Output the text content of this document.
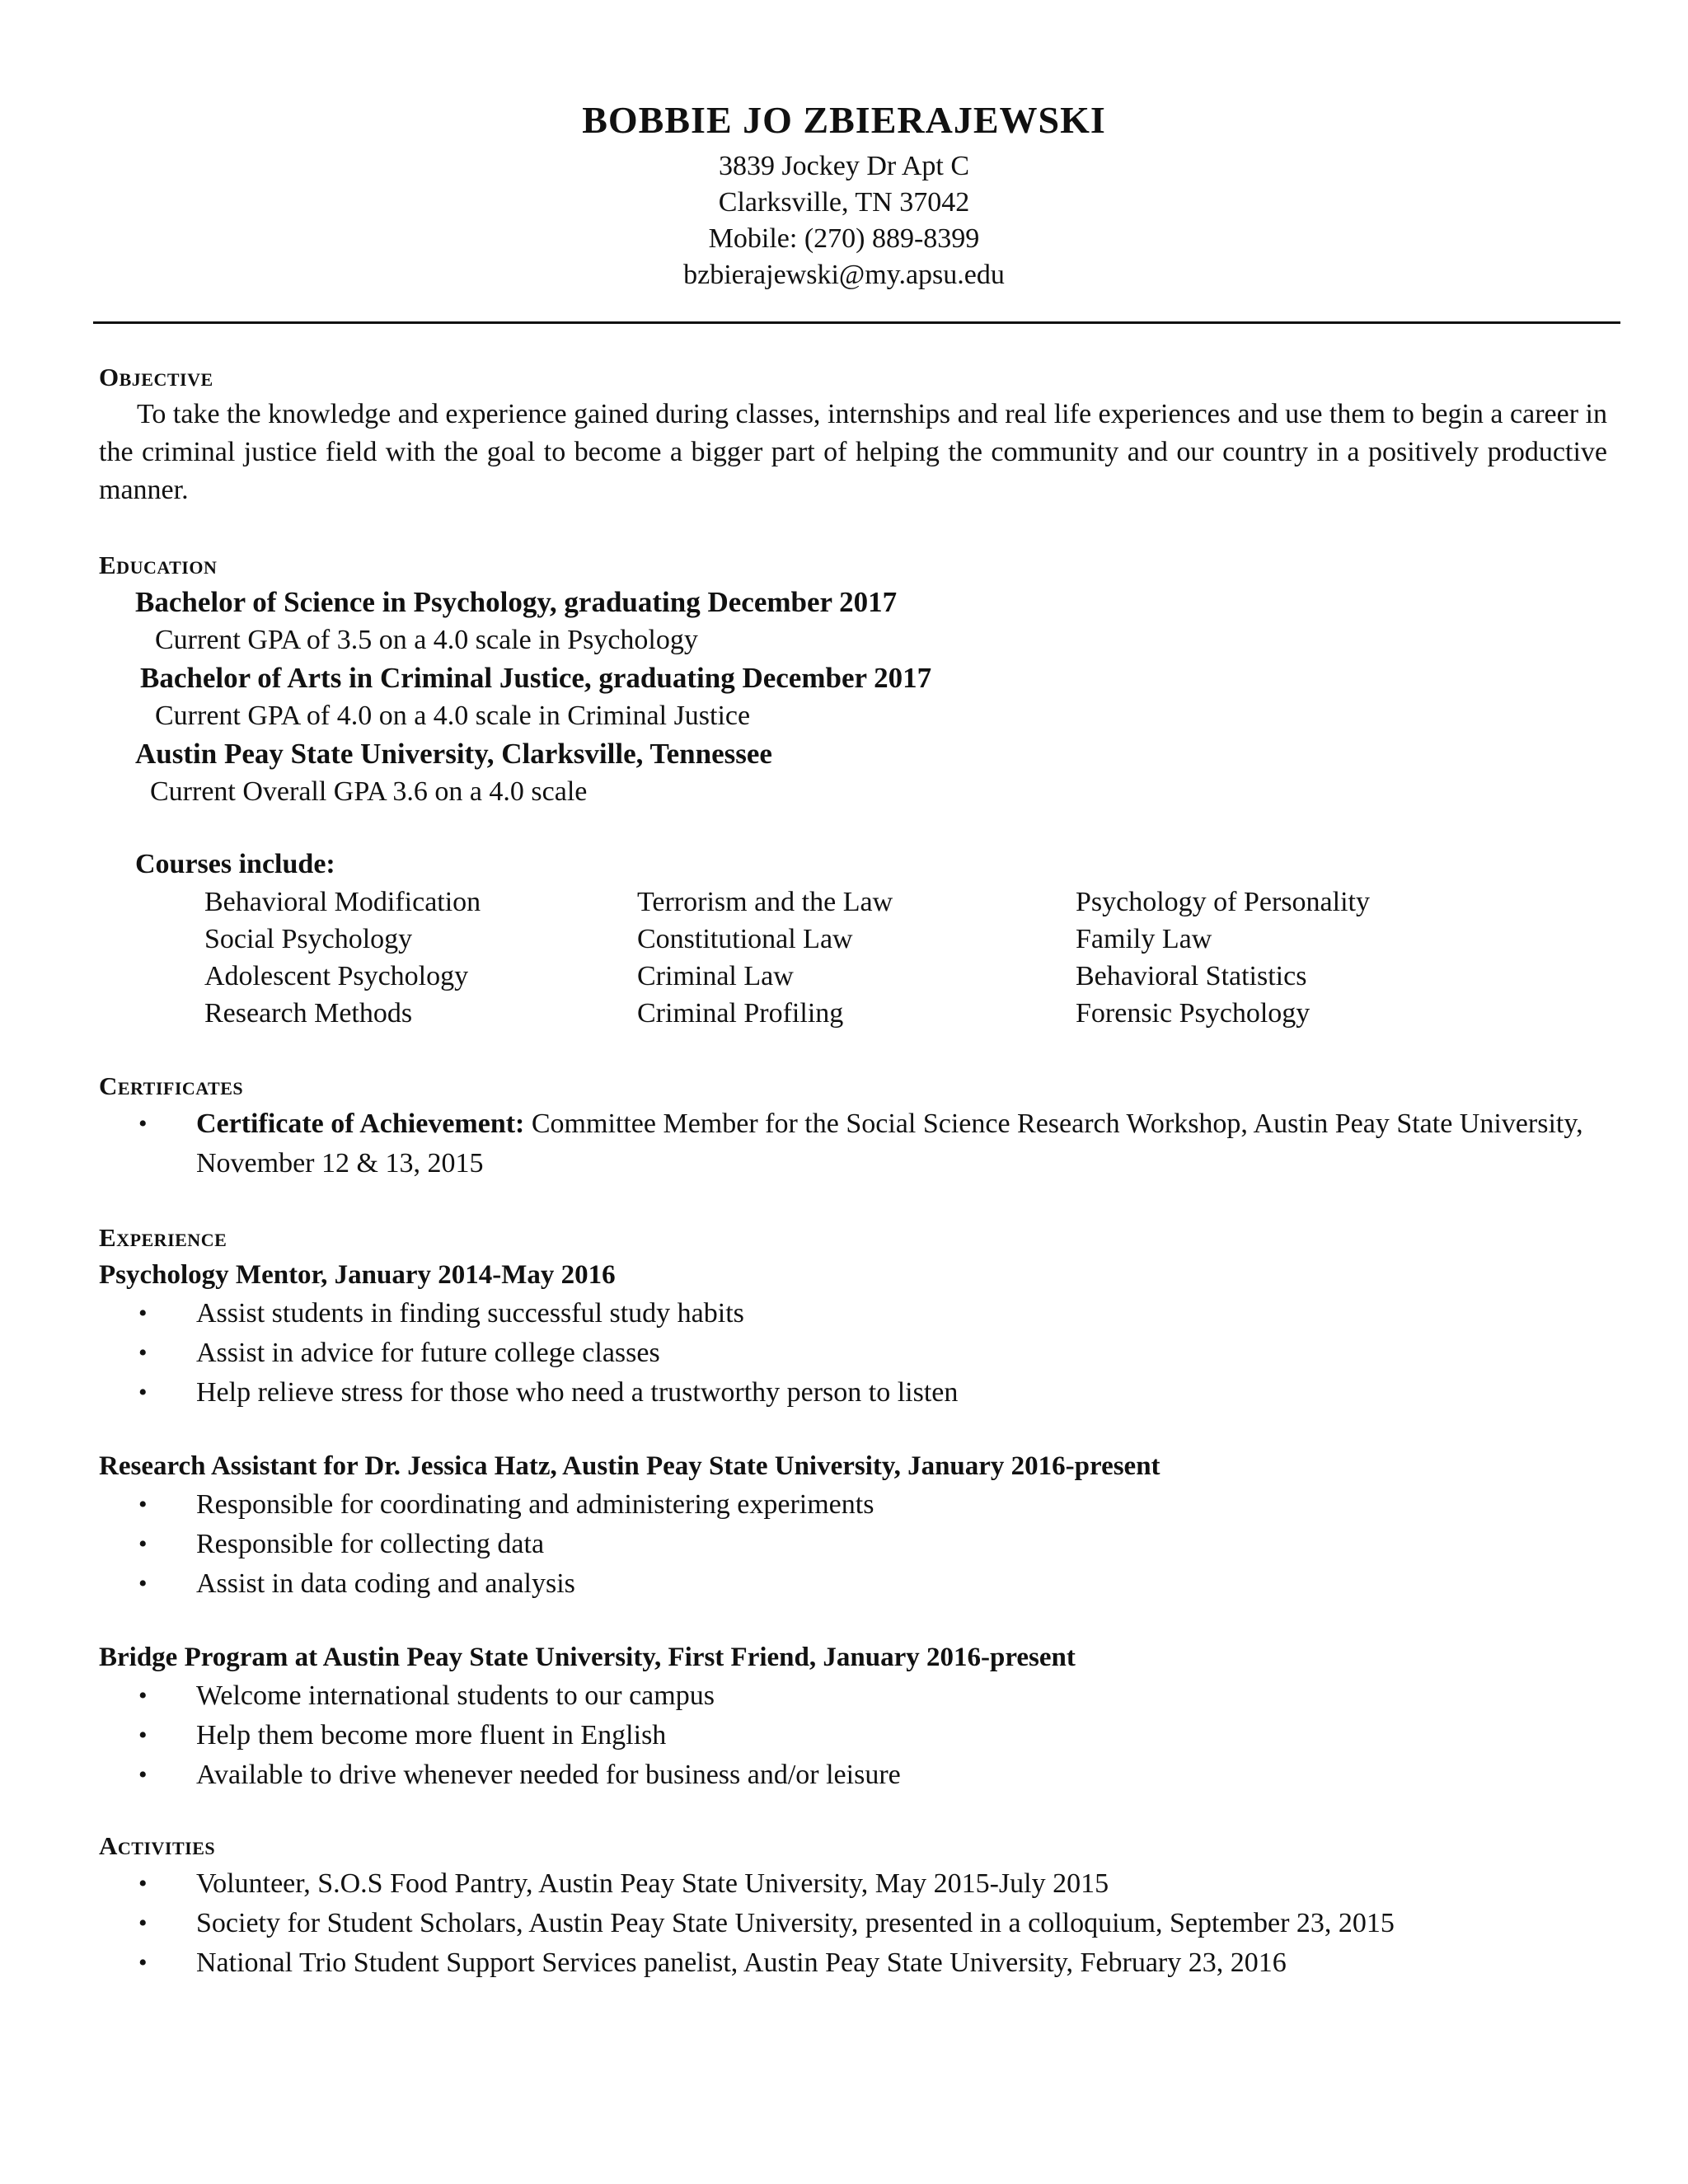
BOBBIE JO ZBIERAJEWSKI
3839 Jockey Dr Apt C
Clarksville, TN 37042
Mobile: (270) 889-8399
bzbierajewski@my.apsu.edu
Objective

To take the knowledge and experience gained during classes, internships and real life experiences and use them to begin a career in the criminal justice field with the goal to become a bigger part of helping the community and our country in a positively productive manner.

Education
Bachelor of Science in Psychology, graduating December 2017
Current GPA of 3.5 on a 4.0 scale in Psychology
Bachelor of Arts in Criminal Justice, graduating December 2017
Current GPA of 4.0 on a 4.0 scale in Criminal Justice
Austin Peay State University, Clarksville, Tennessee
Current Overall GPA 3.6 on a 4.0 scale
Courses include:
Behavioral Modification	Terrorism and the Law	Psychology of Personality
Social Psychology	Constitutional Law	Family Law
Adolescent Psychology	Criminal Law	Behavioral Statistics
Research Methods	Criminal Profiling	Forensic Psychology
Certificates
• Certificate of Achievement: Committee Member for the Social Science Research Workshop, Austin Peay State University, November 12 & 13, 2015
Experience
Psychology Mentor, January 2014-May 2016
• Assist students in finding successful study habits
• Assist in advice for future college classes
• Help relieve stress for those who need a trustworthy person to listen
Research Assistant for Dr. Jessica Hatz, Austin Peay State University, January 2016-present
• Responsible for coordinating and administering experiments
• Responsible for collecting data
• Assist in data coding and analysis
Bridge Program at Austin Peay State University, First Friend, January 2016-present
• Welcome international students to our campus
• Help them become more fluent in English
• Available to drive whenever needed for business and/or leisure
Activities
• Volunteer, S.O.S Food Pantry, Austin Peay State University, May 2015-July 2015
• Society for Student Scholars, Austin Peay State University, presented in a colloquium, September 23, 2015
• National Trio Student Support Services panelist, Austin Peay State University, February 23, 2016
